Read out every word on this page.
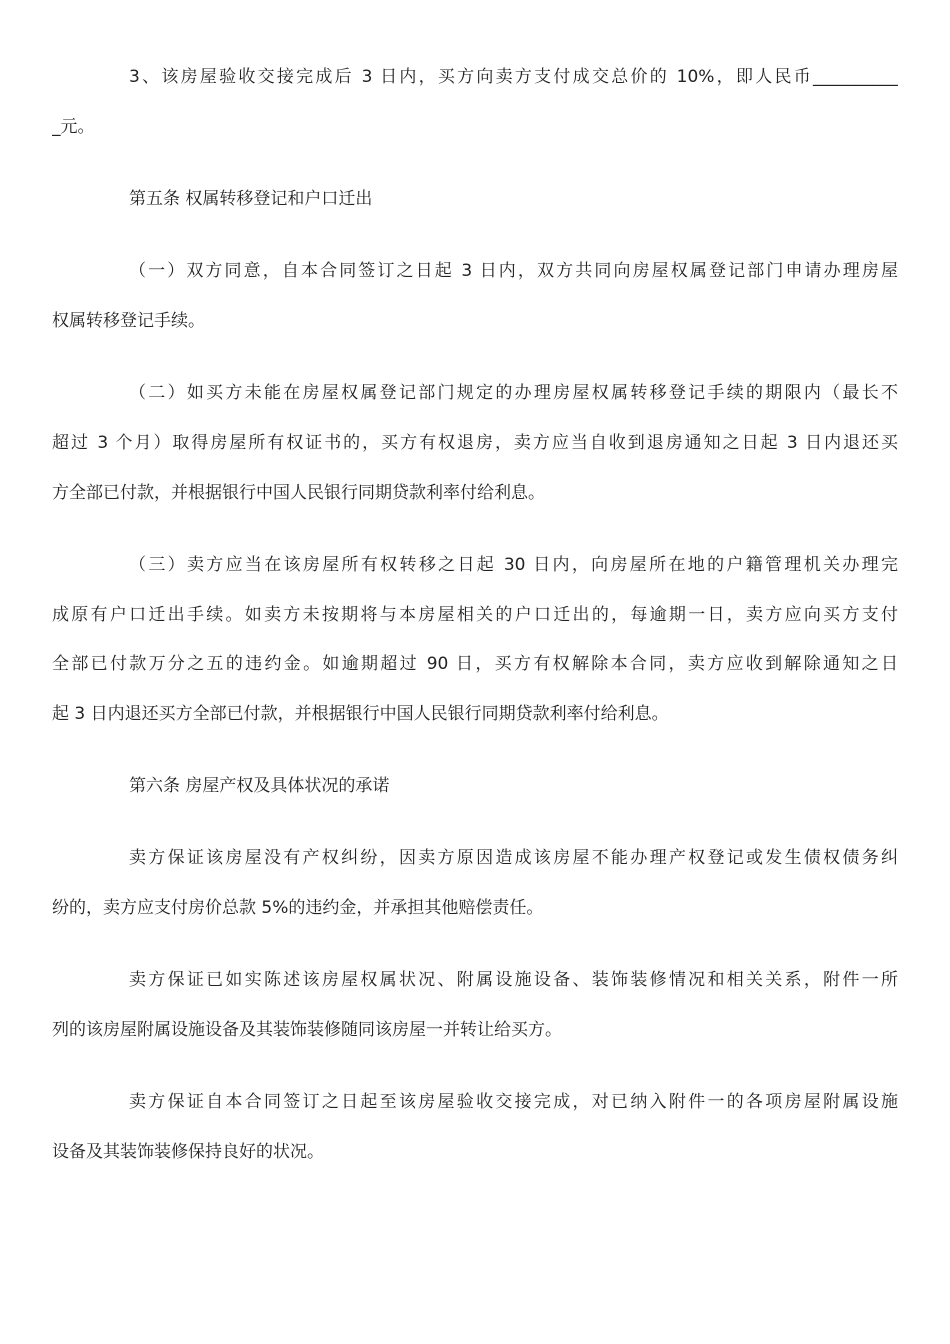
3、该房屋验收交接完成后 3 日内，买方向卖方支付成交总价的 10%，即人民币__________
_元。
第五条 权属转移登记和户口迁出
（一）双方同意，自本合同签订之日起 3 日内，双方共同向房屋权属登记部门申请办理房屋
权属转移登记手续。
（二）如买方未能在房屋权属登记部门规定的办理房屋权属转移登记手续的期限内（最长不
超过 3 个月）取得房屋所有权证书的，买方有权退房，卖方应当自收到退房通知之日起 3 日内退还买
方全部已付款，并根据银行中国人民银行同期贷款利率付给利息。
（三）卖方应当在该房屋所有权转移之日起 30 日内，向房屋所在地的户籍管理机关办理完
成原有户口迁出手续。如卖方未按期将与本房屋相关的户口迁出的，每逾期一日，卖方应向买方支付
全部已付款万分之五的违约金。如逾期超过 90 日，买方有权解除本合同，卖方应收到解除通知之日
起 3 日内退还买方全部已付款，并根据银行中国人民银行同期贷款利率付给利息。
第六条 房屋产权及具体状况的承诺
卖方保证该房屋没有产权纠纷，因卖方原因造成该房屋不能办理产权登记或发生债权债务纠
纷的，卖方应支付房价总款 5%的违约金，并承担其他赔偿责任。
卖方保证已如实陈述该房屋权属状况、附属设施设备、装饰装修情况和相关关系，附件一所
列的该房屋附属设施设备及其装饰装修随同该房屋一并转让给买方。
卖方保证自本合同签订之日起至该房屋验收交接完成，对已纳入附件一的各项房屋附属设施
设备及其装饰装修保持良好的状况。
